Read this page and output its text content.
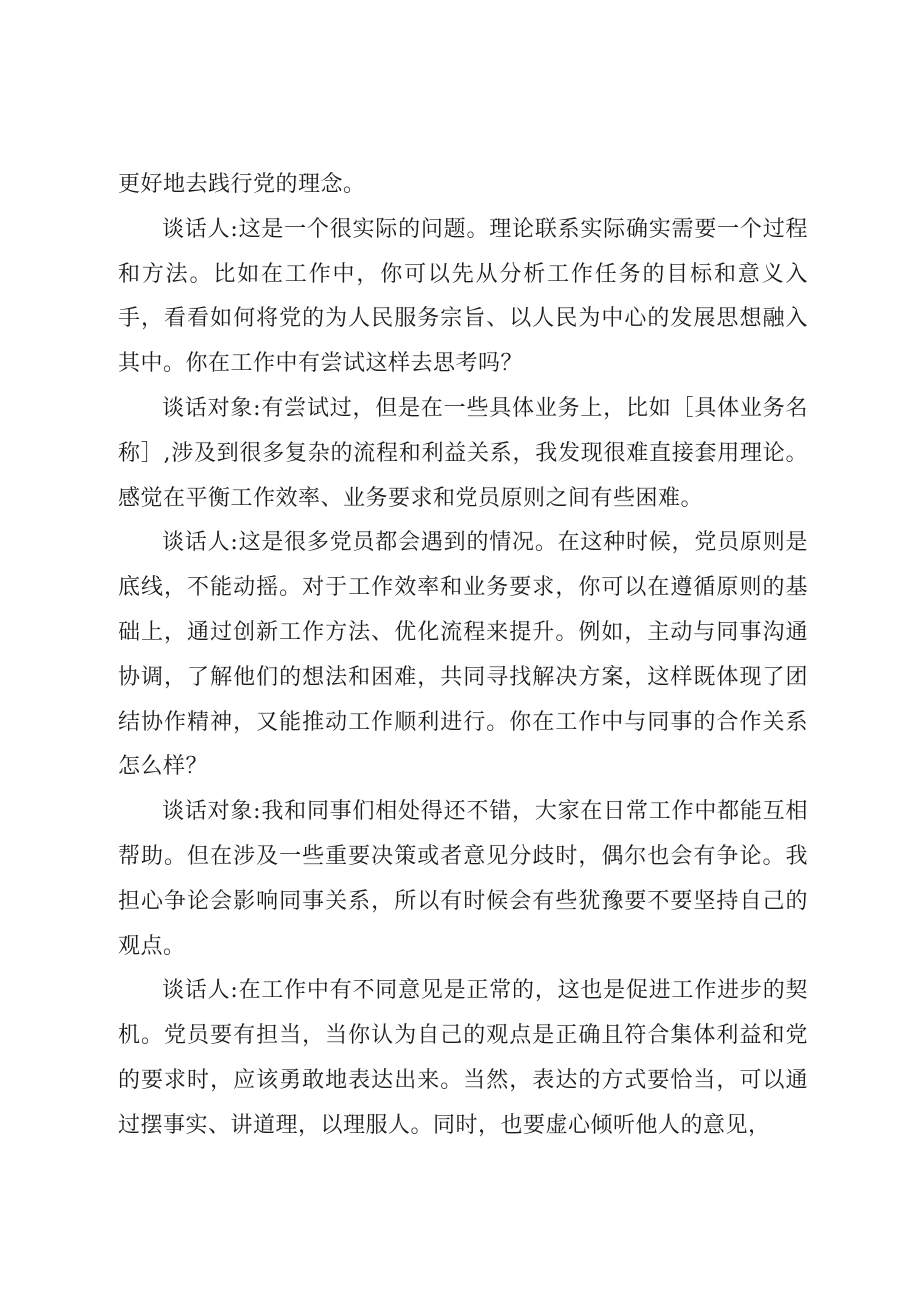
更好地去践行党的理念。

谈话人:这是一个很实际的问题。理论联系实际确实需要一个过程和方法。比如在工作中，你可以先从分析工作任务的目标和意义入手，看看如何将党的为人民服务宗旨、以人民为中心的发展思想融入其中。你在工作中有尝试这样去思考吗？

谈话对象:有尝试过，但是在一些具体业务上，比如［具体业务名称］,涉及到很多复杂的流程和利益关系，我发现很难直接套用理论。感觉在平衡工作效率、业务要求和党员原则之间有些困难。

谈话人:这是很多党员都会遇到的情况。在这种时候，党员原则是底线，不能动摇。对于工作效率和业务要求，你可以在遵循原则的基础上，通过创新工作方法、优化流程来提升。例如，主动与同事沟通协调，了解他们的想法和困难，共同寻找解决方案，这样既体现了团结协作精神，又能推动工作顺利进行。你在工作中与同事的合作关系怎么样？

谈话对象:我和同事们相处得还不错，大家在日常工作中都能互相帮助。但在涉及一些重要决策或者意见分歧时，偶尔也会有争论。我担心争论会影响同事关系，所以有时候会有些犹豫要不要坚持自己的观点。

谈话人:在工作中有不同意见是正常的，这也是促进工作进步的契机。党员要有担当，当你认为自己的观点是正确且符合集体利益和党的要求时，应该勇敢地表达出来。当然，表达的方式要恰当，可以通过摆事实、讲道理，以理服人。同时，也要虚心倾听他人的意见，
